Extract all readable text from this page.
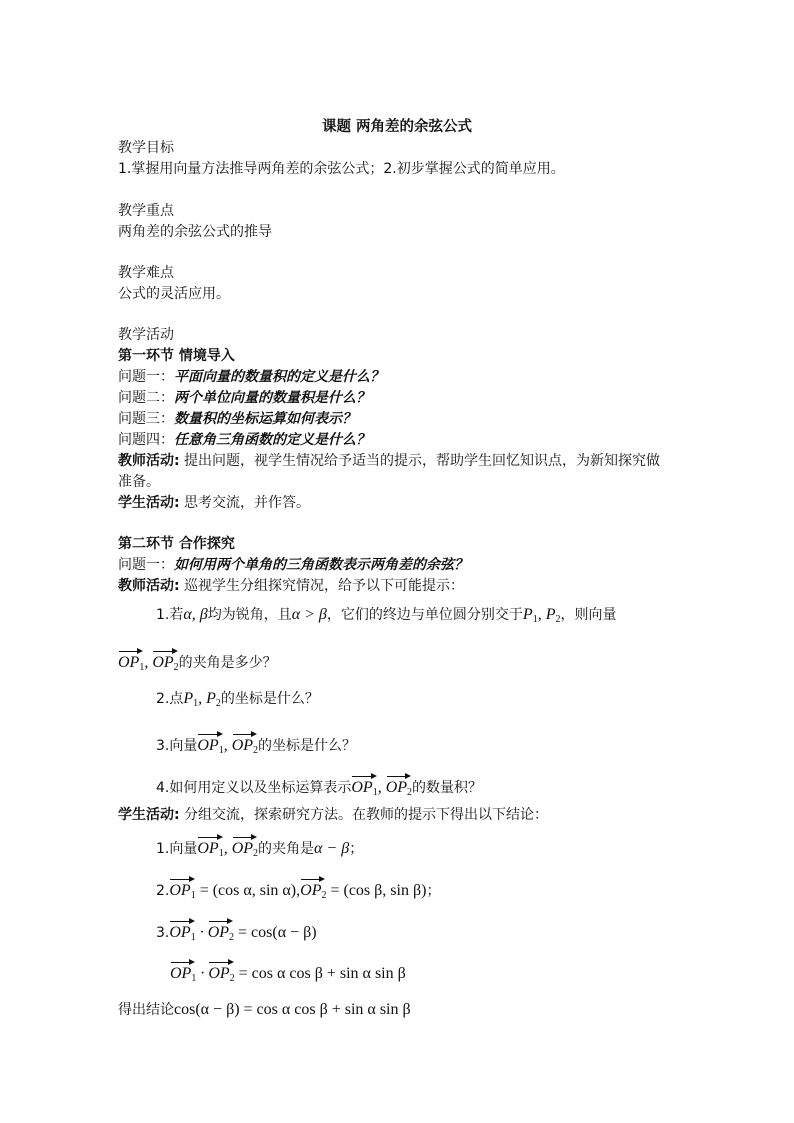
课题 两角差的余弦公式
教学目标
1.掌握用向量方法推导两角差的余弦公式；2.初步掌握公式的简单应用。
教学重点
两角差的余弦公式的推导
教学难点
公式的灵活应用。
教学活动
第一环节 情境导入
问题一：平面向量的数量积的定义是什么？
问题二：两个单位向量的数量积是什么？
问题三：数量积的坐标运算如何表示？
问题四：任意角三角函数的定义是什么？
教师活动: 提出问题，视学生情况给予适当的提示，帮助学生回忆知识点，为新知探究做
准备。
学生活动: 思考交流，并作答。
第二环节 合作探究
问题一：如何用两个单角的三角函数表示两角差的余弦？
教师活动: 巡视学生分组探究情况，给予以下可能提示：
1.若α, β均为锐角，且α > β，它们的终边与单位圆分别交于$P_1$, $P_2$，则向量
$OP_1$, $OP_2$的夹角是多少？
2.点$P_1$, $P_2$的坐标是什么？
3.向量$OP_1$, $OP_2$的坐标是什么？
4.如何用定义以及坐标运算表示$OP_1$, $OP_2$的数量积？
学生活动: 分组交流，探索研究方法。在教师的提示下得出以下结论：
1.向量$OP_1$, $OP_2$的夹角是α − β；
$2.OP_1 = (\cos$ α, $\sin \alpha),OP_2 = (\cos$ β, sin β)；
$3.OP_1 \cdot OP_2 = \cos(\alpha - \beta)$
$OP_1 \cdot OP_2 = \cos \alpha$ cos β + sin α sin β
得出结论cos(α − β) = cos α cos β + sin α sin β
